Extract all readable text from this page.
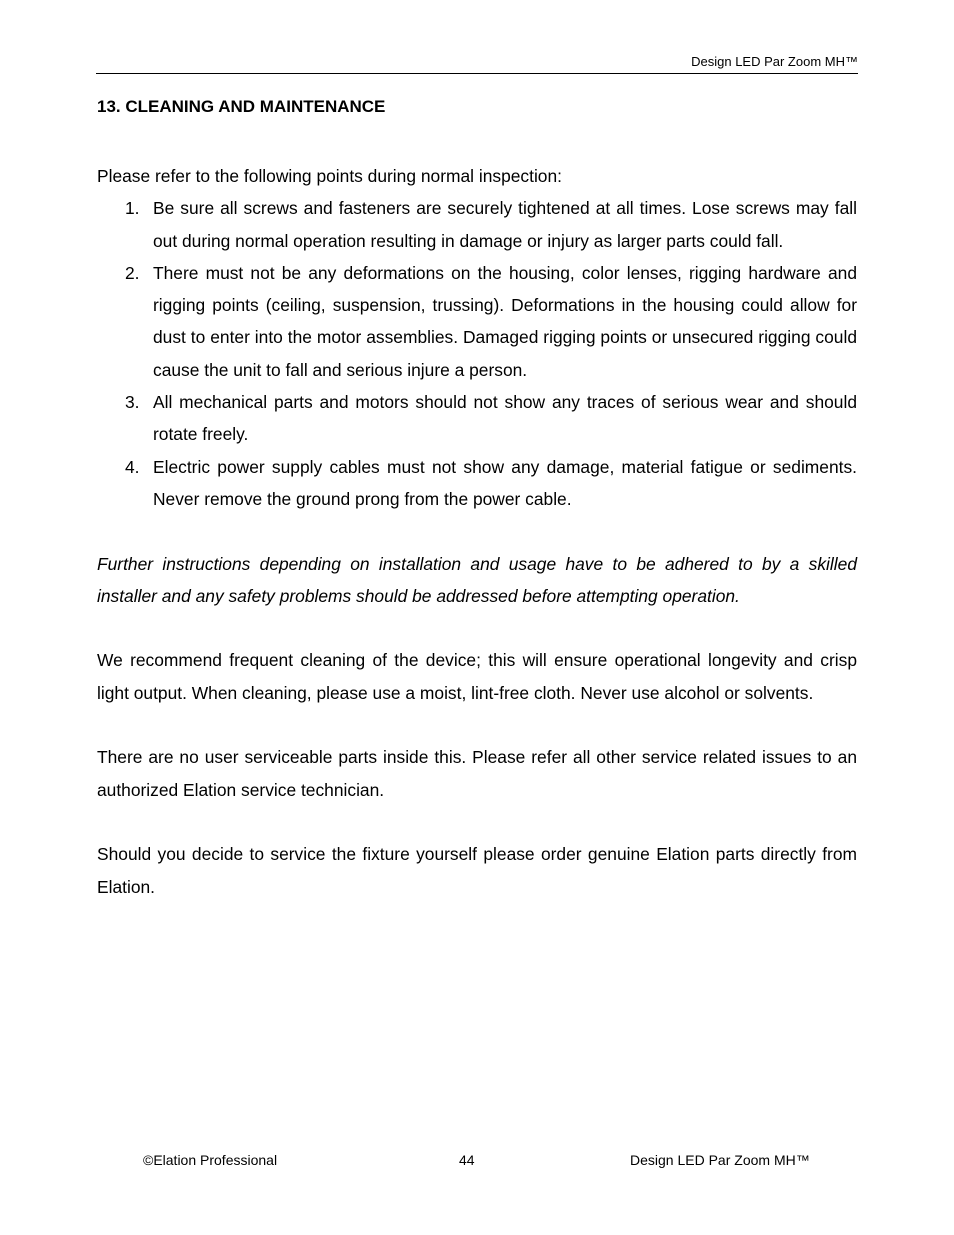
Design LED Par Zoom MH™
13. CLEANING AND MAINTENANCE

Please refer to the following points during normal inspection:

1. Be sure all screws and fasteners are securely tightened at all times. Lose screws may fall out during normal operation resulting in damage or injury as larger parts could fall.
2. There must not be any deformations on the housing, color lenses, rigging hardware and rigging points (ceiling, suspension, trussing). Deformations in the housing could allow for dust to enter into the motor assemblies. Damaged rigging points or unsecured rigging could cause the unit to fall and serious injure a person.
3. All mechanical parts and motors should not show any traces of serious wear and should rotate freely.
4. Electric power supply cables must not show any damage, material fatigue or sediments. Never remove the ground prong from the power cable.

Further instructions depending on installation and usage have to be adhered to by a skilled installer and any safety problems should be addressed before attempting operation.

We recommend frequent cleaning of the device; this will ensure operational longevity and crisp light output. When cleaning, please use a moist, lint-free cloth. Never use alcohol or solvents.

There are no user serviceable parts inside this. Please refer all other service related issues to an authorized Elation service technician.

Should you decide to service the fixture yourself please order genuine Elation parts directly from Elation.

©Elation Professional	44	Design LED Par Zoom MH™
